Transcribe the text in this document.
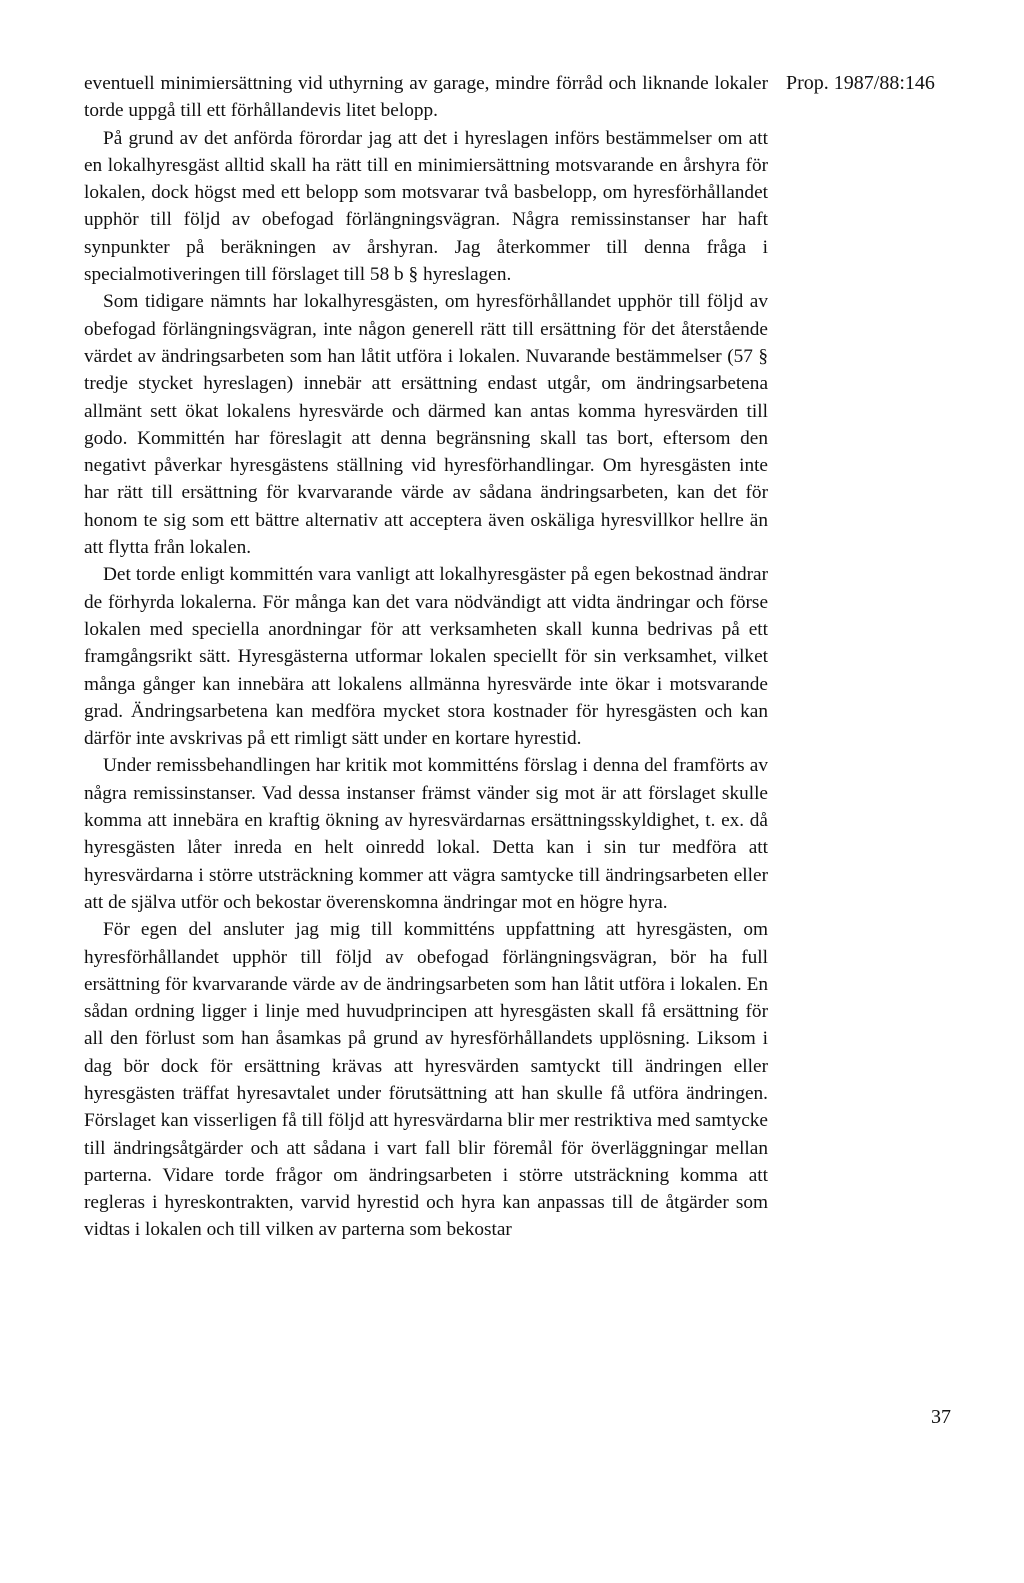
Prop. 1987/88:146

eventuell minimiersättning vid uthyrning av garage, mindre förråd och liknande lokaler torde uppgå till ett förhållandevis litet belopp.

På grund av det anförda förordar jag att det i hyreslagen införs bestämmelser om att en lokalhyresgäst alltid skall ha rätt till en minimiersättning motsvarande en årshyra för lokalen, dock högst med ett belopp som motsvarar två basbelopp, om hyresförhållandet upphör till följd av obefogad förlängningsvägran. Några remissinstanser har haft synpunkter på beräkningen av årshyran. Jag återkommer till denna fråga i specialmotiveringen till förslaget till 58 b § hyreslagen.

Som tidigare nämnts har lokalhyresgästen, om hyresförhållandet upphör till följd av obefogad förlängningsvägran, inte någon generell rätt till ersättning för det återstående värdet av ändringsarbeten som han låtit utföra i lokalen. Nuvarande bestämmelser (57 § tredje stycket hyreslagen) innebär att ersättning endast utgår, om ändringsarbetena allmänt sett ökat lokalens hyresvärde och därmed kan antas komma hyresvärden till godo. Kommittén har föreslagit att denna begränsning skall tas bort, eftersom den negativt påverkar hyresgästens ställning vid hyresförhandlingar. Om hyresgästen inte har rätt till ersättning för kvarvarande värde av sådana ändringsarbeten, kan det för honom te sig som ett bättre alternativ att acceptera även oskäliga hyresvillkor hellre än att flytta från lokalen.

Det torde enligt kommittén vara vanligt att lokalhyresgäster på egen bekostnad ändrar de förhyrda lokalerna. För många kan det vara nödvändigt att vidta ändringar och förse lokalen med speciella anordningar för att verksamheten skall kunna bedrivas på ett framgångsrikt sätt. Hyresgästerna utformar lokalen speciellt för sin verksamhet, vilket många gånger kan innebära att lokalens allmänna hyresvärde inte ökar i motsvarande grad. Ändringsarbetena kan medföra mycket stora kostnader för hyresgästen och kan därför inte avskrivas på ett rimligt sätt under en kortare hyrestid.

Under remissbehandlingen har kritik mot kommitténs förslag i denna del framförts av några remissinstanser. Vad dessa instanser främst vänder sig mot är att förslaget skulle komma att innebära en kraftig ökning av hyresvärdarnas ersättningsskyldighet, t. ex. då hyresgästen låter inreda en helt oinredd lokal. Detta kan i sin tur medföra att hyresvärdarna i större utsträckning kommer att vägra samtycke till ändringsarbeten eller att de själva utför och bekostar överenskomna ändringar mot en högre hyra.

För egen del ansluter jag mig till kommitténs uppfattning att hyresgästen, om hyresförhållandet upphör till följd av obefogad förlängningsvägran, bör ha full ersättning för kvarvarande värde av de ändringsarbeten som han låtit utföra i lokalen. En sådan ordning ligger i linje med huvudprincipen att hyresgästen skall få ersättning för all den förlust som han åsamkas på grund av hyresförhållandets upplösning. Liksom i dag bör dock för ersättning krävas att hyresvärden samtyckt till ändringen eller hyresgästen träffat hyresavtalet under förutsättning att han skulle få utföra ändringen. Förslaget kan visserligen få till följd att hyresvärdarna blir mer restriktiva med samtycke till ändringsåtgärder och att sådana i vart fall blir föremål för överläggningar mellan parterna. Vidare torde frågor om ändringsarbeten i större utsträckning komma att regleras i hyreskontrakten, varvid hyrestid och hyra kan anpassas till de åtgärder som vidtas i lokalen och till vilken av parterna som bekostar

37
